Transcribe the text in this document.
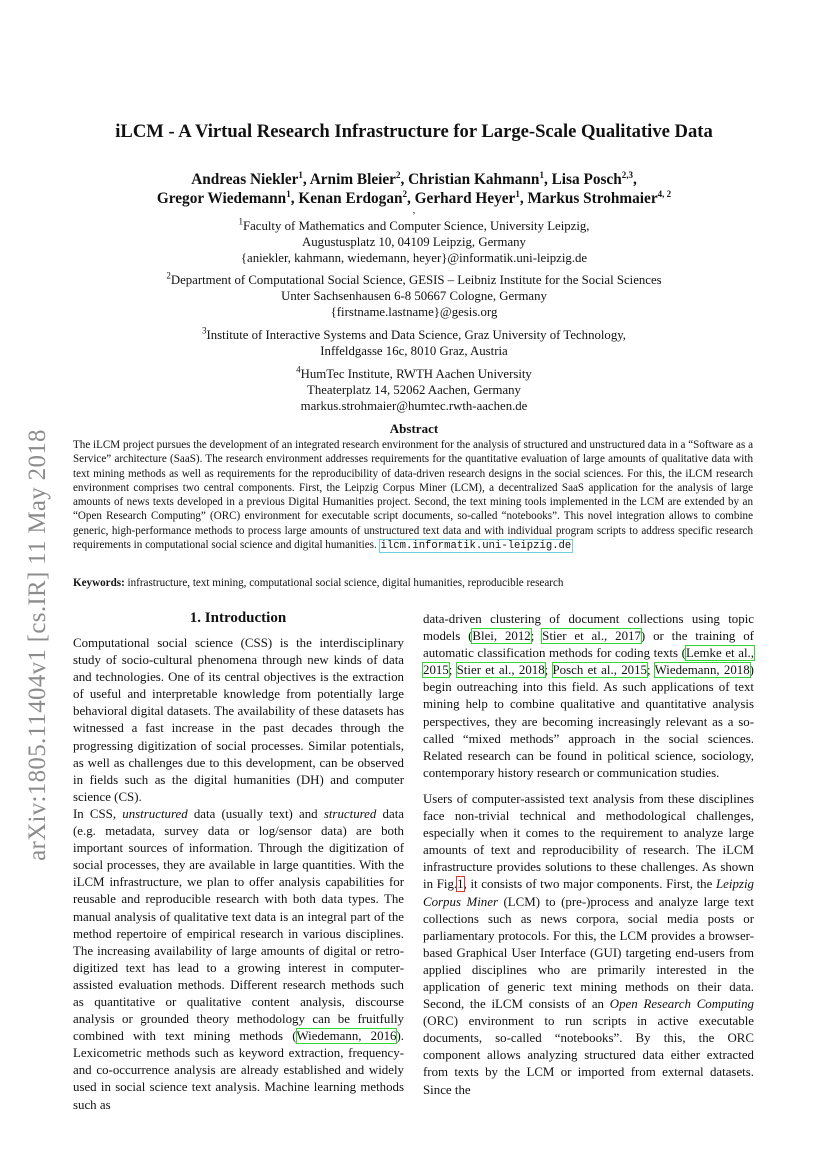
arXiv:1805.11404v1 [cs.IR] 11 May 2018
iLCM - A Virtual Research Infrastructure for Large-Scale Qualitative Data
Andreas Niekler$^1$, Arnim Bleier$^2$, Christian Kahmann$^1$, Lisa Posch$^{2,3}$,
Gregor Wiedemann$^1$, Kenan Erdogan$^2$, Gerhard Heyer$^1$, Markus Strohmaier$^{4, 2}$
,
$^1$Faculty of Mathematics and Computer Science, University Leipzig,
Augustusplatz 10, 04109 Leipzig, Germany
{aniekler, kahmann, wiedemann, heyer}@informatik.uni-leipzig.de
$^2$Department of Computational Social Science, GESIS – Leibniz Institute for the Social Sciences
Unter Sachsenhausen 6-8 50667 Cologne, Germany
{firstname.lastname}@gesis.org
$^3$Institute of Interactive Systems and Data Science, Graz University of Technology,
Inffeldgasse 16c, 8010 Graz, Austria
$^4$HumTec Institute, RWTH Aachen University
Theaterplatz 14, 52062 Aachen, Germany
markus.strohmaier@humtec.rwth-aachen.de
Abstract
The iLCM project pursues the development of an integrated research environment for the analysis of structured and unstructured data in a “Software as a Service” architecture (SaaS). The research environment addresses requirements for the quantitative evaluation of large amounts of qualitative data with text mining methods as well as requirements for the reproducibility of data-driven research designs in the social sciences. For this, the iLCM research environment comprises two central components. First, the Leipzig Corpus Miner (LCM), a decentralized SaaS application for the analysis of large amounts of news texts developed in a previous Digital Humanities project. Second, the text mining tools implemented in the LCM are extended by an “Open Research Computing” (ORC) environment for executable script documents, so-called “notebooks”. This novel integration allows to combine generic, high-performance methods to process large amounts of unstructured text data and with individual program scripts to address specific research requirements in computational social science and digital humanities. ilcm.informatik.uni-leipzig.de
Keywords: infrastructure, text mining, computational social science, digital humanities, reproducible research
1. Introduction

Computational social science (CSS) is the interdisciplinary study of socio-cultural phenomena through new kinds of data and technologies. One of its central objectives is the extraction of useful and interpretable knowledge from potentially large behavioral digital datasets. The availability of these datasets has witnessed a fast increase in the past decades through the progressing digitization of social processes. Similar potentials, as well as challenges due to this development, can be observed in fields such as the digital humanities (DH) and computer science (CS).

In CSS, unstructured data (usually text) and structured data (e.g. metadata, survey data or log/sensor data) are both important sources of information. Through the digitization of social processes, they are available in large quantities. With the iLCM infrastructure, we plan to offer analysis capabilities for reusable and reproducible research with both data types. The manual analysis of qualitative text data is an integral part of the method repertoire of empirical research in various disciplines. The increasing availability of large amounts of digital or retro-digitized text has lead to a growing interest in computer-assisted evaluation methods. Different research methods such as quantitative or qualitative content analysis, discourse analysis or grounded theory methodology can be fruitfully combined with text mining methods (Wiedemann, 2016). Lexicometric methods such as keyword extraction, frequency- and co-occurrence analysis are already established and widely used in social science text analysis. Machine learning methods such as

data-driven clustering of document collections using topic models (Blei, 2012; Stier et al., 2017) or the training of automatic classification methods for coding texts (Lemke et al., 2015; Stier et al., 2018; Posch et al., 2015; Wiedemann, 2018) begin outreaching into this field. As such applications of text mining help to combine qualitative and quantitative analysis perspectives, they are becoming increasingly relevant as a so-called “mixed methods” approach in the social sciences. Related research can be found in political science, sociology, contemporary history research or communication studies.

Users of computer-assisted text analysis from these disciplines face non-trivial technical and methodological challenges, especially when it comes to the requirement to analyze large amounts of text and reproducibility of research. The iLCM infrastructure provides solutions to these challenges. As shown in Fig.1, it consists of two major components. First, the Leipzig Corpus Miner (LCM) to (pre-)process and analyze large text collections such as news corpora, social media posts or parliamentary protocols. For this, the LCM provides a browser-based Graphical User Interface (GUI) targeting end-users from applied disciplines who are primarily interested in the application of generic text mining methods on their data. Second, the iLCM consists of an Open Research Computing (ORC) environment to run scripts in active executable documents, so-called “notebooks”. By this, the ORC component allows analyzing structured data either extracted from texts by the LCM or imported from external datasets. Since the
